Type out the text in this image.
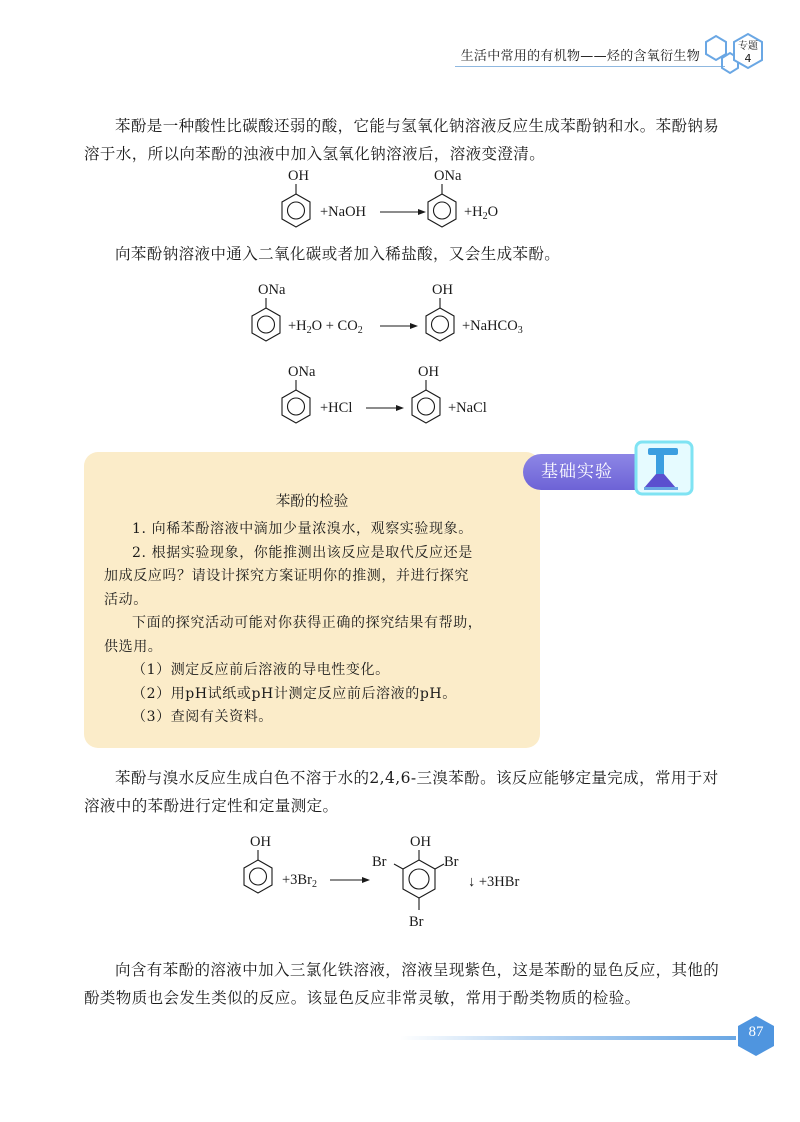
生活中常用的有机物——烃的含氧衍生物
专题
4

苯酚是一种酸性比碳酸还弱的酸，它能与氢氧化钠溶液反应生成苯酚钠和水。苯酚钠易溶于水，所以向苯酚的浊液中加入氢氧化钠溶液后，溶液变澄清。

OH
+NaOH
ONa
$+H_2O$

向苯酚钠溶液中通入二氧化碳或者加入稀盐酸，又会生成苯酚。

ONa
$+H_2O + CO_2$
OH
+NaHCO$_3$
ONa
+HCl
OH
+NaCl
苯酚的检验

1. 向稀苯酚溶液中滴加少量浓溴水，观察实验现象。

2. 根据实验现象，你能推测出该反应是取代反应还是

加成反应吗？请设计探究方案证明你的推测，并进行探究

活动。

下面的探究活动可能对你获得正确的探究结果有帮助，

供选用。

（1）测定反应前后溶液的导电性变化。

（2）用pH试纸或pH计测定反应前后溶液的pH。

（3）查阅有关资料。

基础实验

苯酚与溴水反应生成白色不溶于水的2,4,6-三溴苯酚。该反应能够定量完成，常用于对溶液中的苯酚进行定性和定量测定。

OH
$+3Br_2$
OH
Br	Br
Br
↓ +3HBr

向含有苯酚的溶液中加入三氯化铁溶液，溶液呈现紫色，这是苯酚的显色反应，其他的酚类物质也会发生类似的反应。该显色反应非常灵敏，常用于酚类物质的检验。

87
